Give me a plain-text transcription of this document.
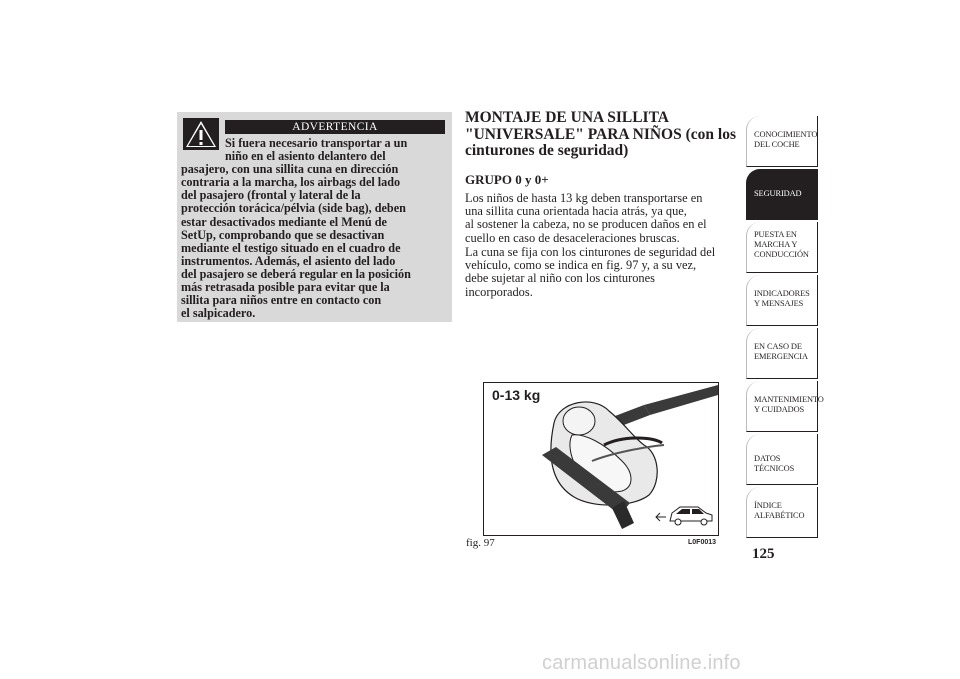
ADVERTENCIA

Si fuera necesario transportar a un
niño en el asiento delantero del
pasajero, con una sillita cuna en dirección
contraria a la marcha, los airbags del lado
del pasajero (frontal y lateral de la
protección torácica/pélvia (side bag), deben
estar desactivados mediante el Menú de
SetUp, comprobando que se desactivan
mediante el testigo situado en el cuadro de
instrumentos. Además, el asiento del lado
del pasajero se deberá regular en la posición
más retrasada posible para evitar que la
sillita para niños entre en contacto con
el salpicadero.

MONTAJE DE UNA SILLITA
"UNIVERSALE" PARA NIÑOS (con los
cinturones de seguridad)
GRUPO 0 y 0+

Los niños de hasta 13 kg deben transportarse en
una sillita cuna orientada hacia atrás, ya que,
al sostener la cabeza, no se producen daños en el
cuello en caso de desaceleraciones bruscas.

La cuna se fija con los cinturones de seguridad del
vehículo, como se indica en fig. 97 y, a su vez,
debe sujetar al niño con los cinturones
incorporados.

0-13 kg
fig. 97	L0F0013
CONOCIMIENTO DEL COCHE
SEGURIDAD
PUESTA EN MARCHA Y CONDUCCIÓN
INDICADORES Y MENSAJES
EN CASO DE EMERGENCIA
MANTENIMIENTO Y CUIDADOS
DATOS TÉCNICOS
ÍNDICE ALFABÉTICO
125
carmanualsonline.info
